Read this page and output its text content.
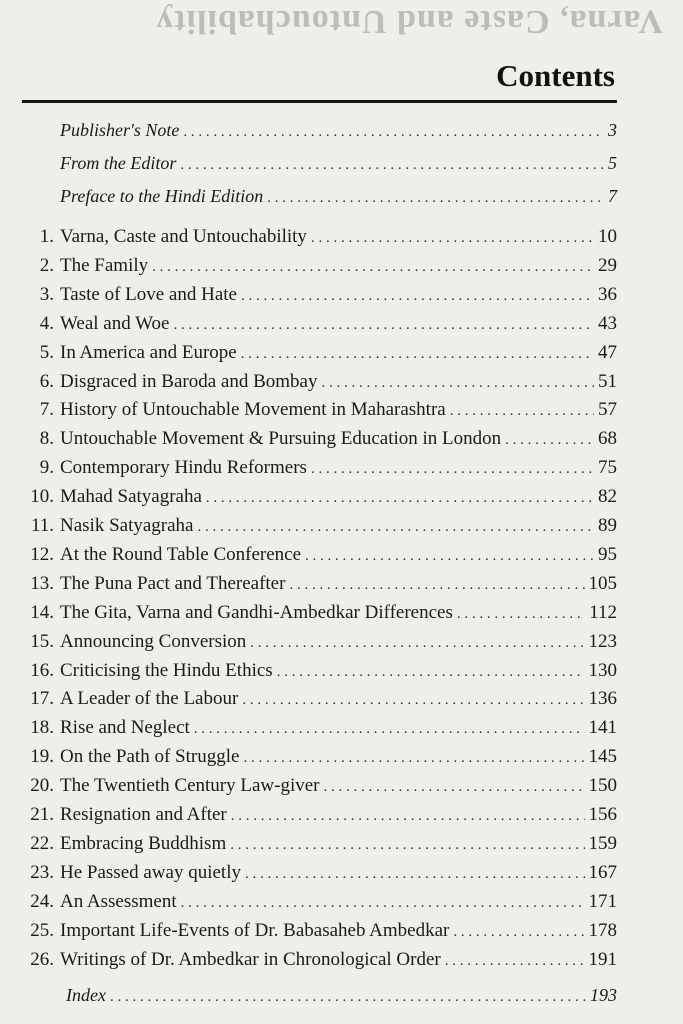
Varna, Caste and Untouchability
Contents
Publisher's Note . . .	3
From the Editor . . .	5
Preface to the Hindi Edition . . .	7
1. Varna, Caste and Untouchability . . .	10
2. The Family . . .	29
3. Taste of Love and Hate . . .	36
4. Weal and Woe . . .	43
5. In America and Europe . . .	47
6. Disgraced in Baroda and Bombay . . .	51
7. History of Untouchable Movement in Maharashtra . . .	57
8. Untouchable Movement & Pursuing Education in London . . .	68
9. Contemporary Hindu Reformers . . .	75
10. Mahad Satyagraha . . .	82
11. Nasik Satyagraha . . .	89
12. At the Round Table Conference . . .	95
13. The Puna Pact and Thereafter . . .	105
14. The Gita, Varna and Gandhi-Ambedkar Differences . . .	112
15. Announcing Conversion . . .	123
16. Criticising the Hindu Ethics . . .	130
17. A Leader of the Labour . . .	136
18. Rise and Neglect . . .	141
19. On the Path of Struggle . . .	145
20. The Twentieth Century Law-giver . . .	150
21. Resignation and After . . .	156
22. Embracing Buddhism . . .	159
23. He Passed away quietly . . .	167
24. An Assessment . . .	171
25. Important Life-Events of Dr. Babasaheb Ambedkar . . .	178
26. Writings of Dr. Ambedkar in Chronological Order . . .	191
Index . . .	193
